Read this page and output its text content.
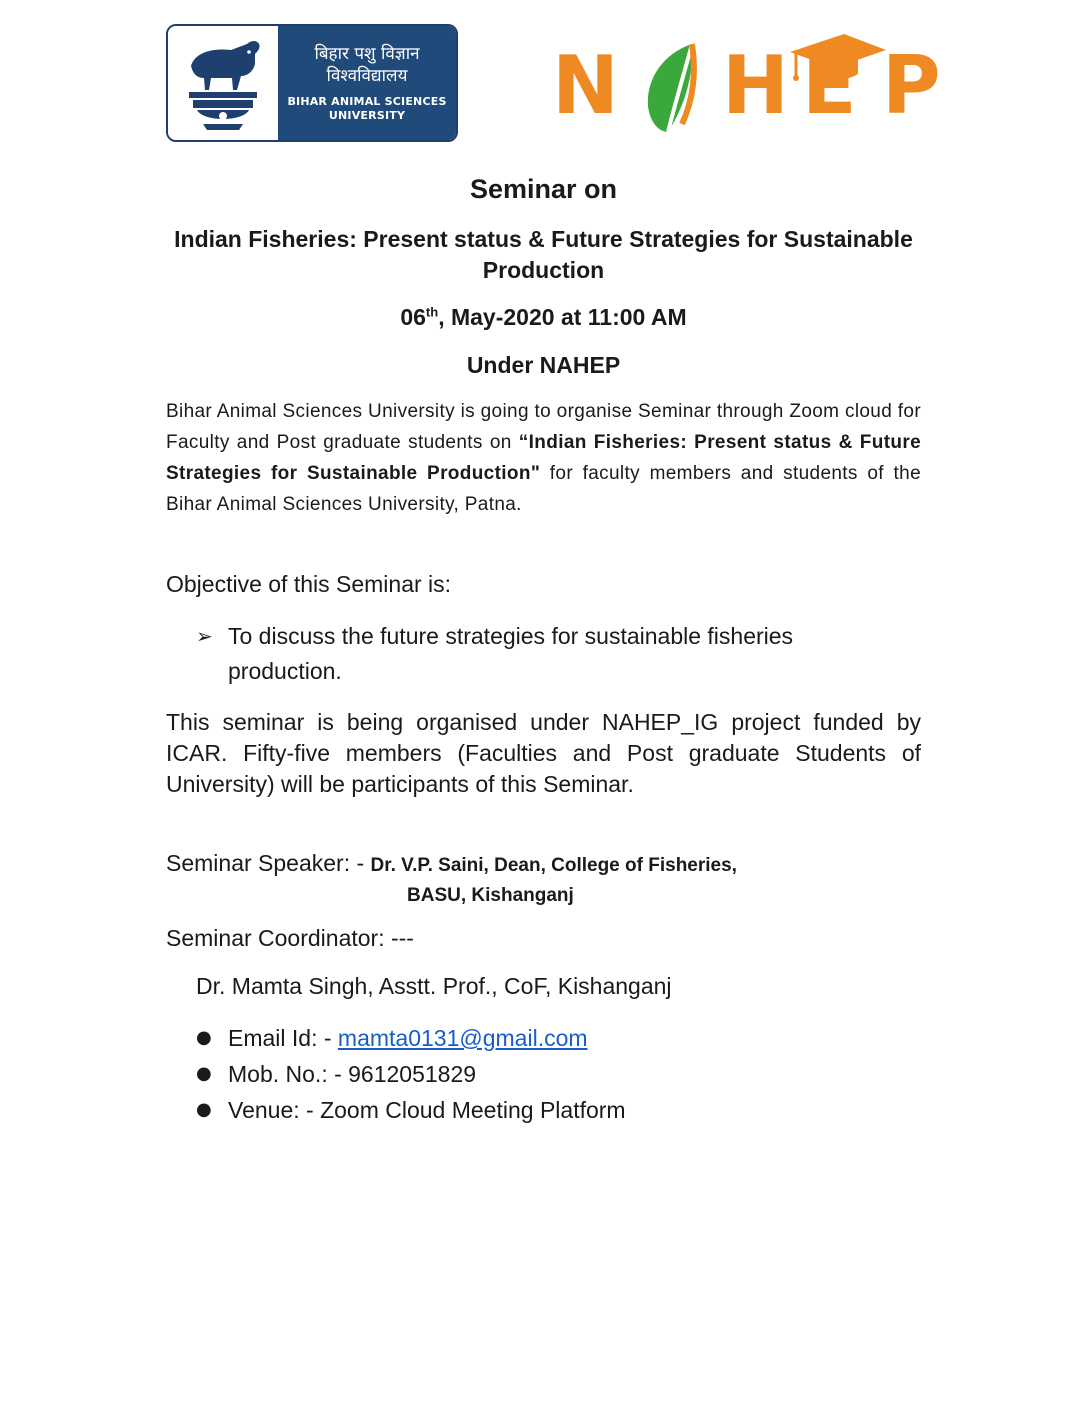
बिहार पशु विज्ञान
विश्वविद्यालय
BIHAR ANIMAL SCIENCES
UNIVERSITY	N H E P
Seminar on
Indian Fisheries: Present status & Future Strategies for Sustainable Production
06th, May-2020 at 11:00 AM
Under NAHEP
Bihar Animal Sciences University is going to organise Seminar through Zoom cloud for Faculty and Post graduate students on “Indian Fisheries: Present status & Future Strategies for Sustainable Production" for faculty members and students of the Bihar Animal Sciences University, Patna.
Objective of this Seminar is:
➢ To discuss the future strategies for sustainable fisheries production.
This seminar is being organised under NAHEP_IG project funded by ICAR. Fifty-five members (Faculties and Post graduate Students of University) will be participants of this Seminar.
Seminar Speaker: - Dr. V.P. Saini, Dean, College of Fisheries,
BASU, Kishanganj
Seminar Coordinator: ---
Dr. Mamta Singh, Asstt. Prof., CoF, Kishanganj
● Email Id: - mamta0131@gmail.com
● Mob. No.: - 9612051829
● Venue: - Zoom Cloud Meeting Platform
